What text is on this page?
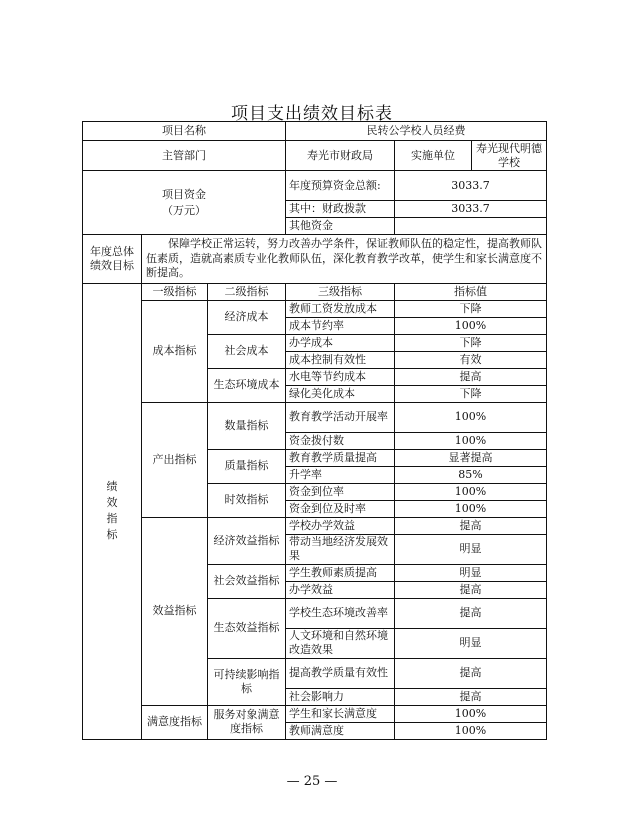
项目支出绩效目标表
项目名称			民转公学校人员经费		
主管部门			寿光市财政局	实施单位	寿光现代明德学校
项目资金
（万元）			年度预算资金总额:	3033.7	
			其中：财政拨款	3033.7	
			其他资金		
年度总体绩效目标	保障学校正常运转，努力改善办学条件，保证教师队伍的稳定性，提高教师队伍素质，造就高素质专业化教师队伍，深化教育教学改革，使学生和家长满意度不断提高。				
绩效指标	一级指标	二级指标	三级指标	指标值	
	成本指标	经济成本	教师工资发放成本	下降	
			成本节约率	100%	
		社会成本	办学成本	下降	
			成本控制有效性	有效	
		生态环境成本	水电等节约成本	提高	
			绿化美化成本	下降	
	产出指标	数量指标	教育教学活动开展率	100%	
			资金拨付数	100%	
		质量指标	教育教学质量提高	显著提高	
			升学率	85%	
		时效指标	资金到位率	100%	
			资金到位及时率	100%	
	效益指标	经济效益指标	学校办学效益	提高	
			带动当地经济发展效果	明显	
		社会效益指标	学生教师素质提高	明显	
			办学效益	提高	
		生态效益指标	学校生态环境改善率	提高	
			人文环境和自然环境改造效果	明显	
		可持续影响指标	提高教学质量有效性	提高	
			社会影响力	提高	
	满意度指标	服务对象满意度指标	学生和家长满意度	100%	
			教师满意度	100%	
— 25 —
